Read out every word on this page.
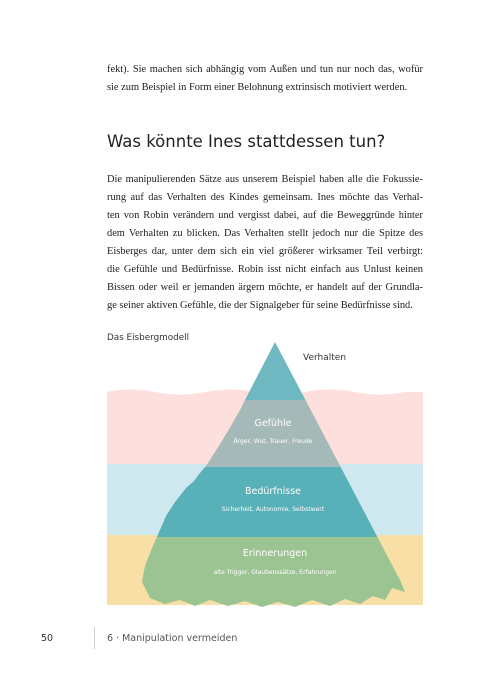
fekt). Sie machen sich abhängig vom Außen und tun nur noch das, wofür
sie zum Beispiel in Form einer Belohnung extrinsisch motiviert werden.
Was könnte Ines stattdessen tun?
Die manipulierenden Sätze aus unserem Beispiel haben alle die Fokussie-
rung auf das Verhalten des Kindes gemeinsam. Ines möchte das Verhal-
ten von Robin verändern und vergisst dabei, auf die Beweggründe hinter
dem Verhalten zu blicken. Das Verhalten stellt jedoch nur die Spitze des
Eisberges dar, unter dem sich ein viel größerer wirksamer Teil verbirgt:
die Gefühle und Bedürfnisse. Robin isst nicht einfach aus Unlust keinen
Bissen oder weil er jemanden ärgern möchte, er handelt auf der Grundla-
ge seiner aktiven Gefühle, die der Signalgeber für seine Bedürfnisse sind.
Das Eisbergmodell
Verhalten
Gefühle
Ärger, Wut, Trauer, Freude
Bedürfnisse
Sicherheit, Autonomie, Selbstwert
Erinnerungen
alte Trigger, Glaubenssätze, Erfahrungen
50	6 · Manipulation vermeiden
